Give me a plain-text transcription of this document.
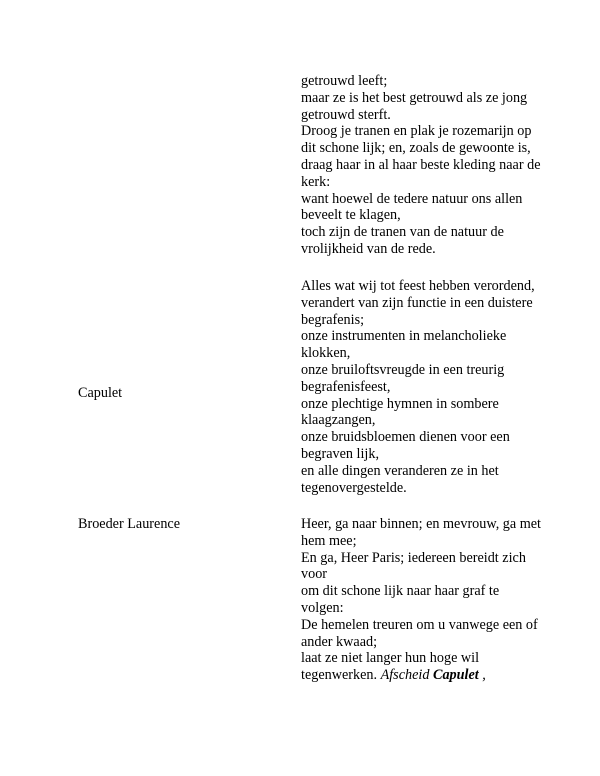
getrouwd leeft;
maar ze is het best getrouwd als ze jong getrouwd sterft.
Droog je tranen en plak je rozemarijn op dit schone lijk; en, zoals de gewoonte is,
draag haar in al haar beste kleding naar de kerk:
want hoewel de tedere natuur ons allen beveelt te klagen,
toch zijn de tranen van de natuur de vrolijkheid van de rede.
Capulet
Alles wat wij tot feest hebben verordend,
verandert van zijn functie in een duistere begrafenis;
onze instrumenten in melancholieke klokken,
onze bruiloftsvreugde in een treurig begrafenisfeest,
onze plechtige hymnen in sombere klaagzangen,
onze bruidsbloemen dienen voor een begraven lijk,
en alle dingen veranderen ze in het tegenovergestelde.
Broeder Laurence	Heer, ga naar binnen; en mevrouw, ga met hem mee;
En ga, Heer Paris; iedereen bereidt zich voor
om dit schone lijk naar haar graf te volgen:
De hemelen treuren om u vanwege een of ander kwaad;
laat ze niet langer hun hoge wil tegenwerken. Afscheid Capulet ,
